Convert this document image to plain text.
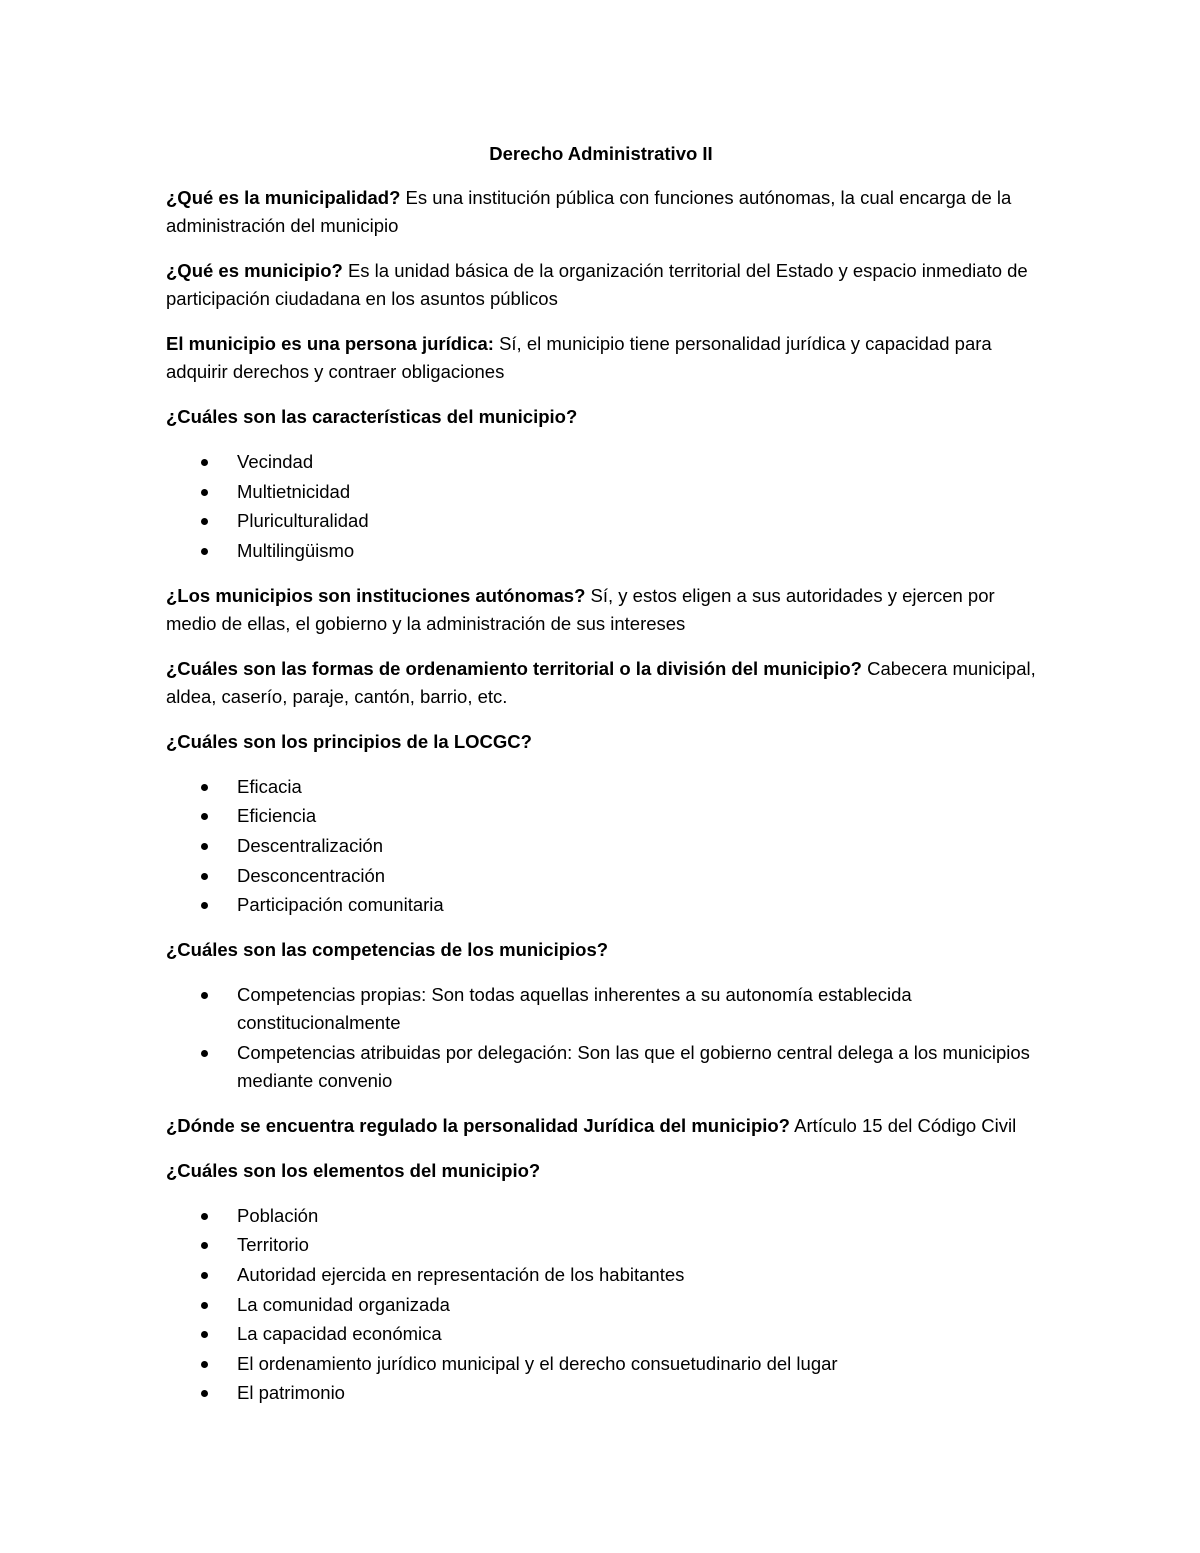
Derecho Administrativo II

¿Qué es la municipalidad? Es una institución pública con funciones autónomas, la cual encarga de la administración del municipio

¿Qué es municipio? Es la unidad básica de la organización territorial del Estado y espacio inmediato de participación ciudadana en los asuntos públicos

El municipio es una persona jurídica: Sí, el municipio tiene personalidad jurídica y capacidad para adquirir derechos y contraer obligaciones

¿Cuáles son las características del municipio?

Vecindad
Multietnicidad
Pluriculturalidad
Multilingüismo

¿Los municipios son instituciones autónomas? Sí, y estos eligen a sus autoridades y ejercen por medio de ellas, el gobierno y la administración de sus intereses

¿Cuáles son las formas de ordenamiento territorial o la división del municipio? Cabecera municipal, aldea, caserío, paraje, cantón, barrio, etc.

¿Cuáles son los principios de la LOCGC?

Eficacia
Eficiencia
Descentralización
Desconcentración
Participación comunitaria

¿Cuáles son las competencias de los municipios?

Competencias propias: Son todas aquellas inherentes a su autonomía establecida constitucionalmente
Competencias atribuidas por delegación: Son las que el gobierno central delega a los municipios mediante convenio

¿Dónde se encuentra regulado la personalidad Jurídica del municipio? Artículo 15 del Código Civil

¿Cuáles son los elementos del municipio?

Población
Territorio
Autoridad ejercida en representación de los habitantes
La comunidad organizada
La capacidad económica
El ordenamiento jurídico municipal y el derecho consuetudinario del lugar
El patrimonio
